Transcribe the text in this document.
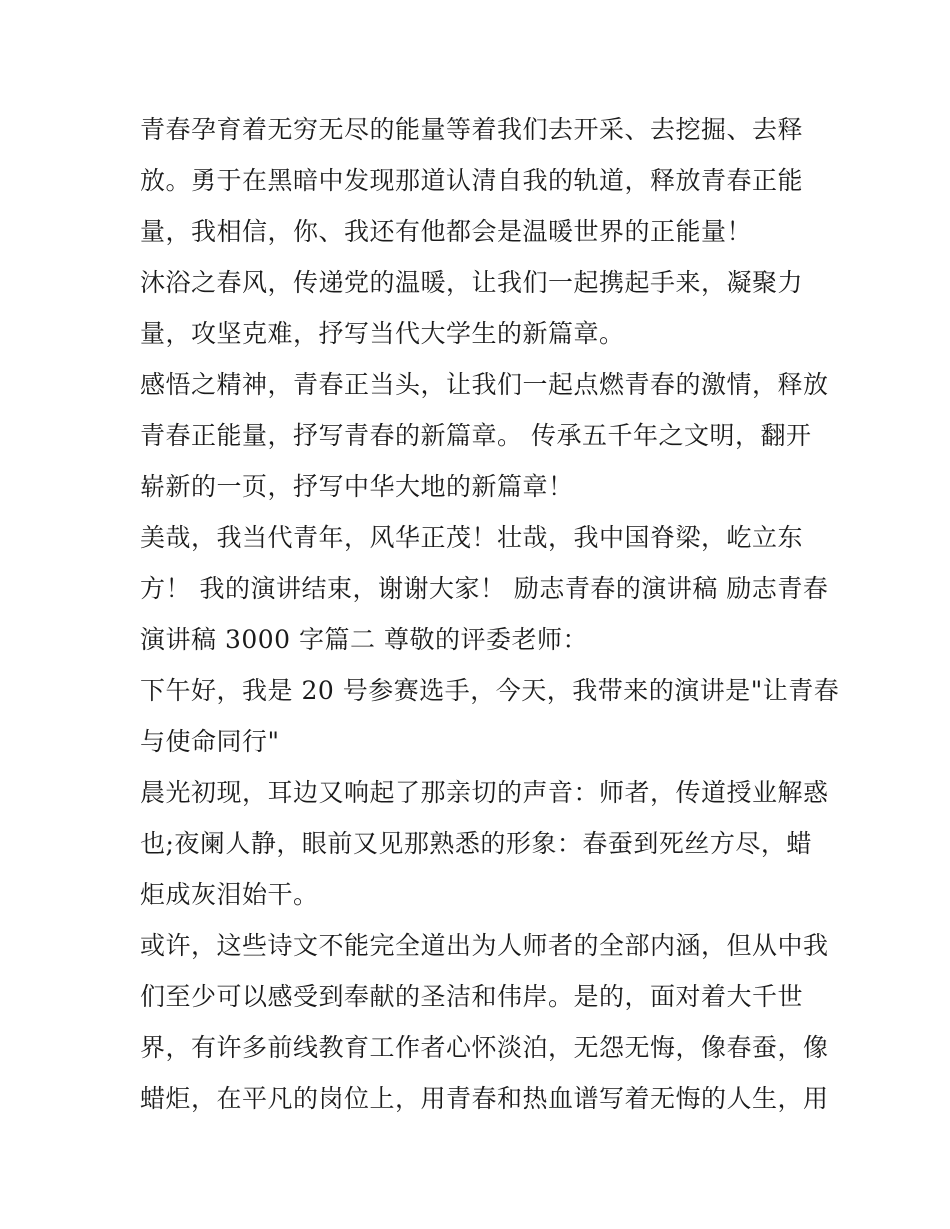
青春孕育着无穷无尽的能量等着我们去开采、去挖掘、去释

放。勇于在黑暗中发现那道认清自我的轨道，释放青春正能

量，我相信，你、我还有他都会是温暖世界的正能量！

沐浴之春风，传递党的温暖，让我们一起携起手来，凝聚力

量，攻坚克难，抒写当代大学生的新篇章。

感悟之精神，青春正当头，让我们一起点燃青春的激情，释放

青春正能量，抒写青春的新篇章。 传承五千年之文明，翻开

崭新的一页，抒写中华大地的新篇章！

美哉，我当代青年，风华正茂！壮哉，我中国脊梁，屹立东

方！ 我的演讲结束，谢谢大家！ 励志青春的演讲稿 励志青春

演讲稿 3000 字篇二 尊敬的评委老师：

下午好，我是 20 号参赛选手，今天，我带来的演讲是"让青春

与使命同行"

晨光初现，耳边又响起了那亲切的声音：师者，传道授业解惑

也;夜阑人静，眼前又见那熟悉的形象：春蚕到死丝方尽，蜡

炬成灰泪始干。

或许，这些诗文不能完全道出为人师者的全部内涵，但从中我

们至少可以感受到奉献的圣洁和伟岸。是的，面对着大千世

界，有许多前线教育工作者心怀淡泊，无怨无悔，像春蚕，像

蜡炬，在平凡的岗位上，用青春和热血谱写着无悔的人生，用
